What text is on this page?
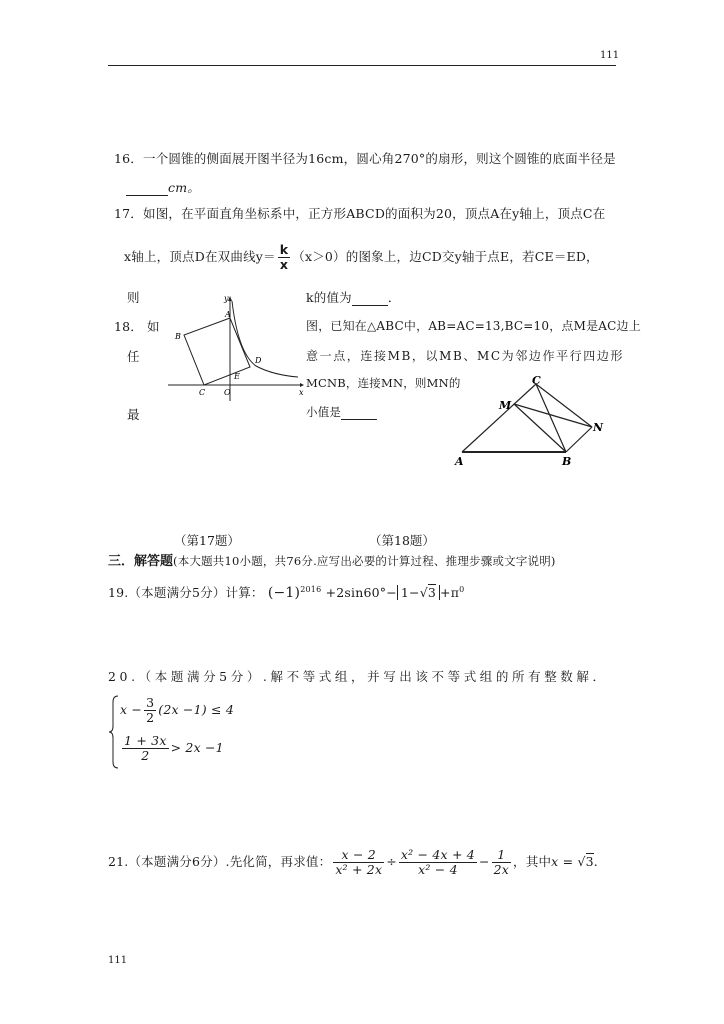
111
16．一个圆锥的侧面展开图半径为16cm，圆心角270°的扇形，则这个圆锥的底面半径是
cm。
17．如图，在平面直角坐标系中，正方形ABCD的面积为20，顶点A在y轴上，顶点C在
x轴上，顶点D在双曲线$y= \frac{k}{x} (x>0)$的图象上，边CD交y轴于点E，若CE＝ED，
则	k的值为	．
18． 如
任
最
图，已知在△ABC中，AB=AC=13,BC=10，点M是AC边上
意一点，连接MB，以MB、MC为邻边作平行四边形
MCNB，连接MN，则MN的
小值是
y
x
A
B
C
D
E
O
C
M
N
A	B
（第17题）	（第18题）
三．解答题(本大题共10小题，共76分.应写出必要的计算过程、推理步骤或文字说明)
19.（本题满分5分）计算： $(-1)^{2016} +2\sin 60^\circ- 1-√3 +\pi^0$
20.（本题满分5分）.解不等式组，并写出该不等式组的所有整数解．
$x - \frac{3}{2} (2x -1) \le 4$
$\frac{1 + 3x}{2} > 2x -1$
21.（本题满分6分）.先化简，再求值： $\frac{x - 2}{\text{x² + 2x}} \div \frac{\text{x² − 4x + 4}}{\text{x² − 4}} - \frac{1}{2x}$ ，其中x = √3.
111
